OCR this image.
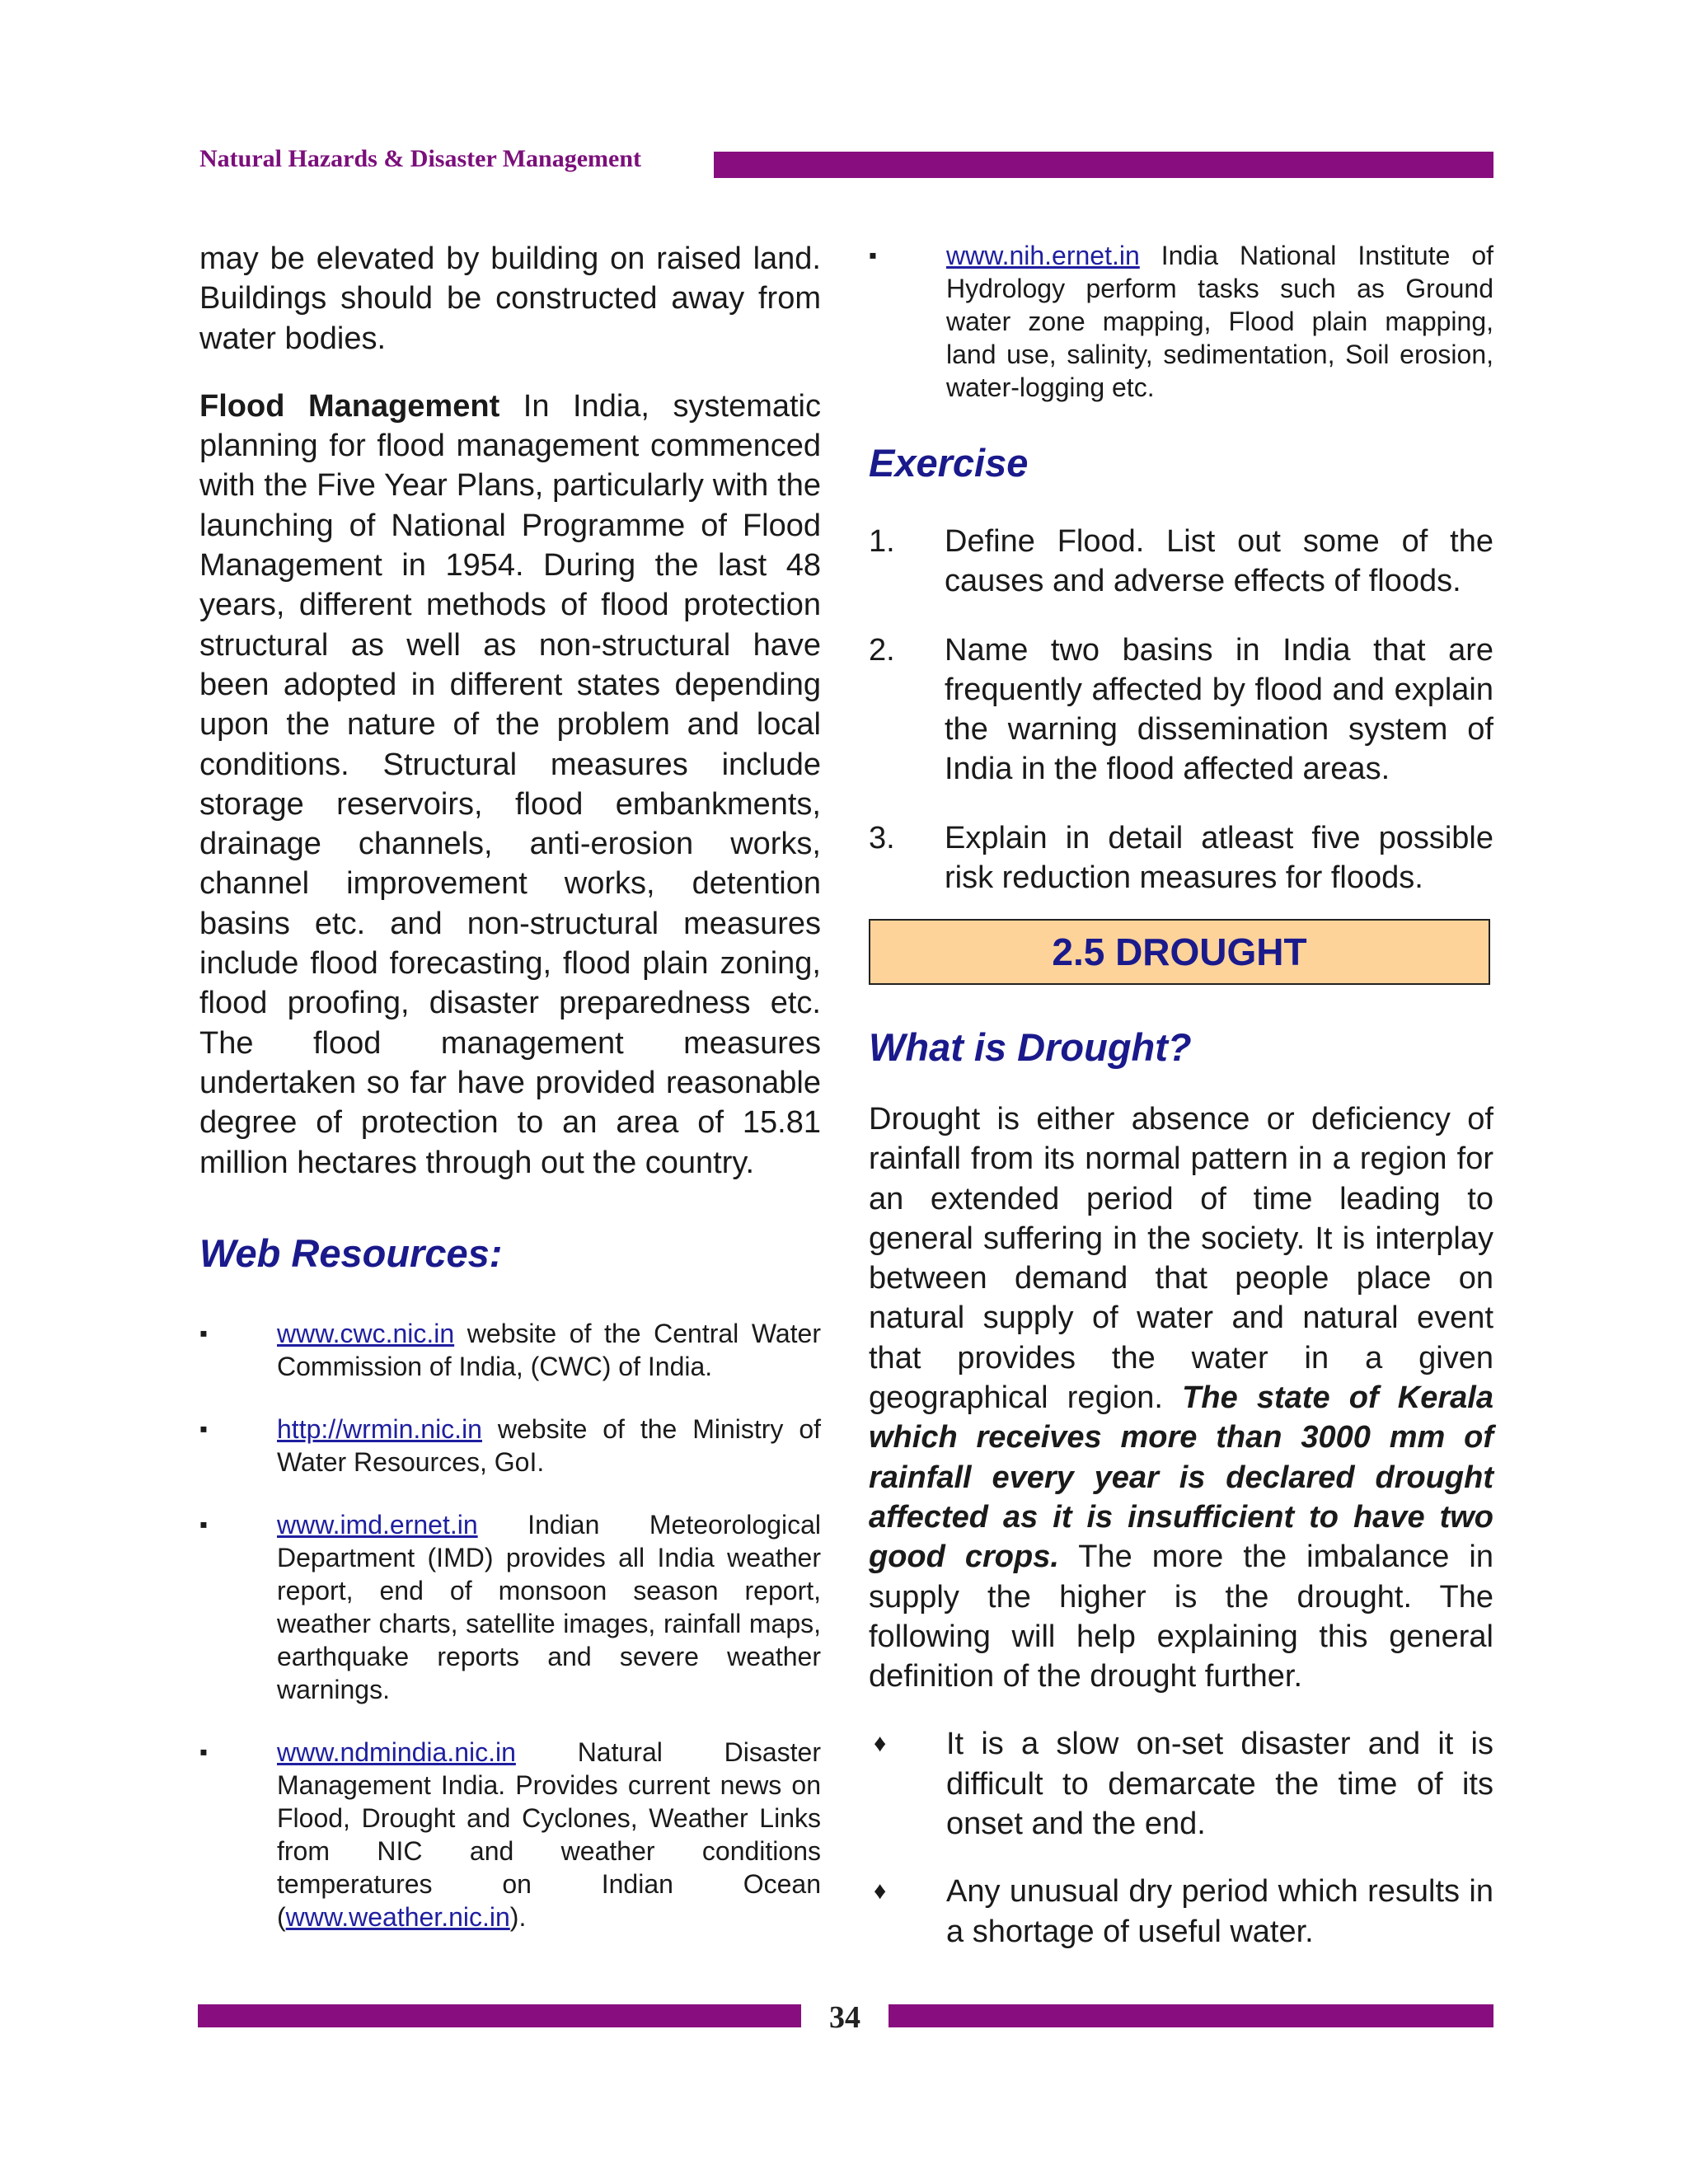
Natural Hazards & Disaster Management

may be elevated by building on raised land. Buildings should be constructed away from water bodies.

Flood Management In India, systematic planning for flood management commenced with the Five Year Plans, particularly with the launching of National Programme of Flood Management in 1954. During the last 48 years, different methods of flood protection structural as well as non-structural have been adopted in different states depending upon the nature of the problem and local conditions. Structural measures include storage reservoirs, flood embankments, drainage channels, anti-erosion works, channel improvement works, detention basins etc. and non-structural measures include flood forecasting, flood plain zoning, flood proofing, disaster preparedness etc. The flood management measures undertaken so far have provided reasonable degree of protection to an area of 15.81 million hectares through out the country.

Web Resources:
▪	www.cwc.nic.in website of the Central Water Commission of India, (CWC) of India.
▪	http://wrmin.nic.in website of the Ministry of Water Resources, GoI.
▪	www.imd.ernet.in Indian Meteorological Department (IMD) provides all India weather report, end of monsoon season report, weather charts, satellite images, rainfall maps, earthquake reports and severe weather warnings.
▪	www.ndmindia.nic.in Natural Disaster Management India. Provides current news on Flood, Drought and Cyclones, Weather Links from NIC and weather conditions temperatures on Indian Ocean (www.weather.nic.in).
▪	www.nih.ernet.in India National Institute of Hydrology perform tasks such as Ground water zone mapping, Flood plain mapping, land use, salinity, sedimentation, Soil erosion, water-logging etc.
Exercise
1. Define Flood. List out some of the causes and adverse effects of floods.
2. Name two basins in India that are frequently affected by flood and explain the warning dissemination system of India in the flood affected areas.
3. Explain in detail atleast five possible risk reduction measures for floods.
2.5 DROUGHT
What is Drought?

Drought is either absence or deficiency of rainfall from its normal pattern in a region for an extended period of time leading to general suffering in the society. It is interplay between demand that people place on natural supply of water and natural event that provides the water in a given geographical region. The state of Kerala which receives more than 3000 mm of rainfall every year is declared drought affected as it is insufficient to have two good crops. The more the imbalance in supply the higher is the drought. The following will help explaining this general definition of the drought further.

♦ It is a slow on-set disaster and it is difficult to demarcate the time of its onset and the end.
♦ Any unusual dry period which results in a shortage of useful water.
34
